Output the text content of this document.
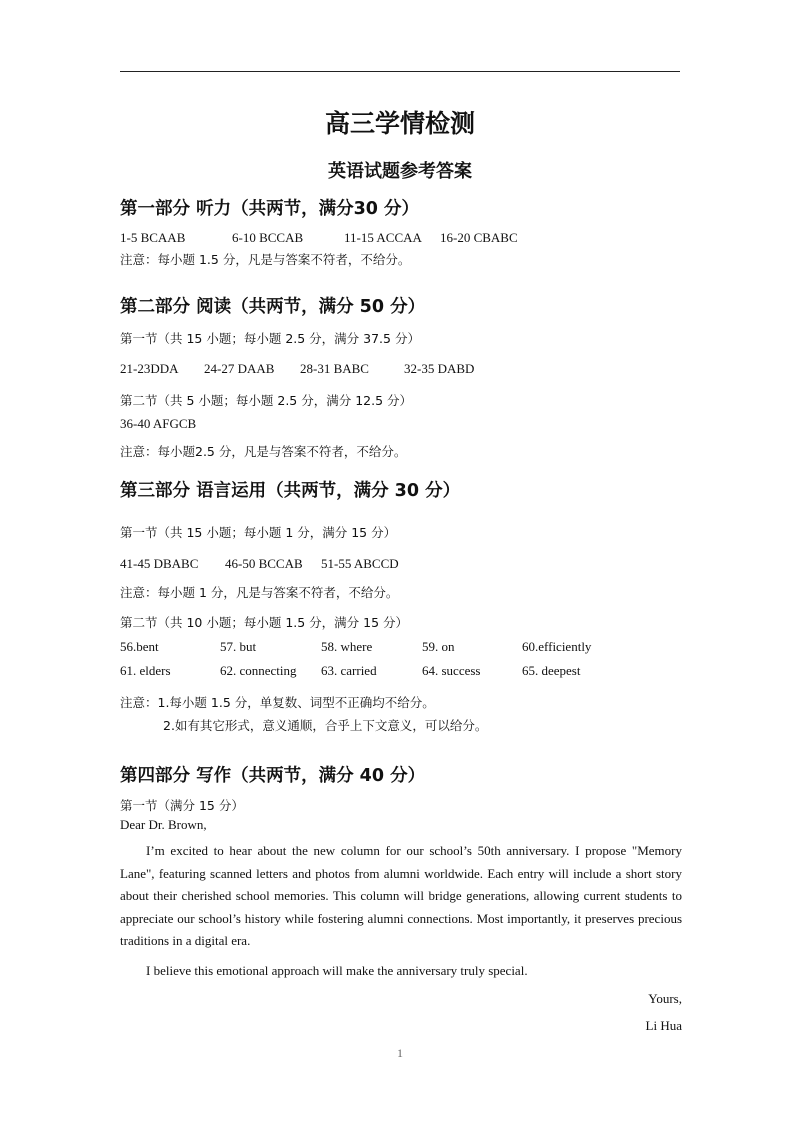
高三学情检测
英语试题参考答案
第一部分 听力（共两节，满分30 分）
1-5 BCAAB	6-10 BCCAB	11-15 ACCAA 16-20 CBABC
注意：每小题 1.5 分，凡是与答案不符者，不给分。
第二部分 阅读（共两节，满分 50 分）
第一节（共 15 小题；每小题 2.5 分，满分 37.5 分）
21-23DDA 24-27 DAAB 28-31 BABC	32-35 DABD
第二节（共 5 小题；每小题 2.5 分，满分 12.5 分）
36-40 AFGCB
注意：每小题2.5 分，凡是与答案不符者，不给分。
第三部分 语言运用（共两节，满分 30 分）
第一节（共 15 小题；每小题 1 分，满分 15 分）
41-45 DBABC 46-50 BCCAB 51-55 ABCCD
注意：每小题 1 分，凡是与答案不符者，不给分。
第二节（共 10 小题；每小题 1.5 分，满分 15 分）
56.bent	57. but	58. where	59. on	60.efficiently
61. elders	62. connecting 63. carried	64. success	65. deepest
注意：1.每小题 1.5 分，单复数、词型不正确均不给分。
2.如有其它形式，意义通顺，合乎上下文意义，可以给分。
第四部分 写作（共两节，满分 40 分）
第一节（满分 15 分）
Dear Dr. Brown,

I’m excited to hear about the new column for our school’s 50th anniversary. I propose "Memory Lane", featuring scanned letters and photos from alumni worldwide. Each entry will include a short story about their cherished school memories. This column will bridge generations, allowing current students to appreciate our school’s history while fostering alumni connections. Most importantly, it preserves precious traditions in a digital era.

I believe this emotional approach will make the anniversary truly special.

Yours,
Li Hua
1
